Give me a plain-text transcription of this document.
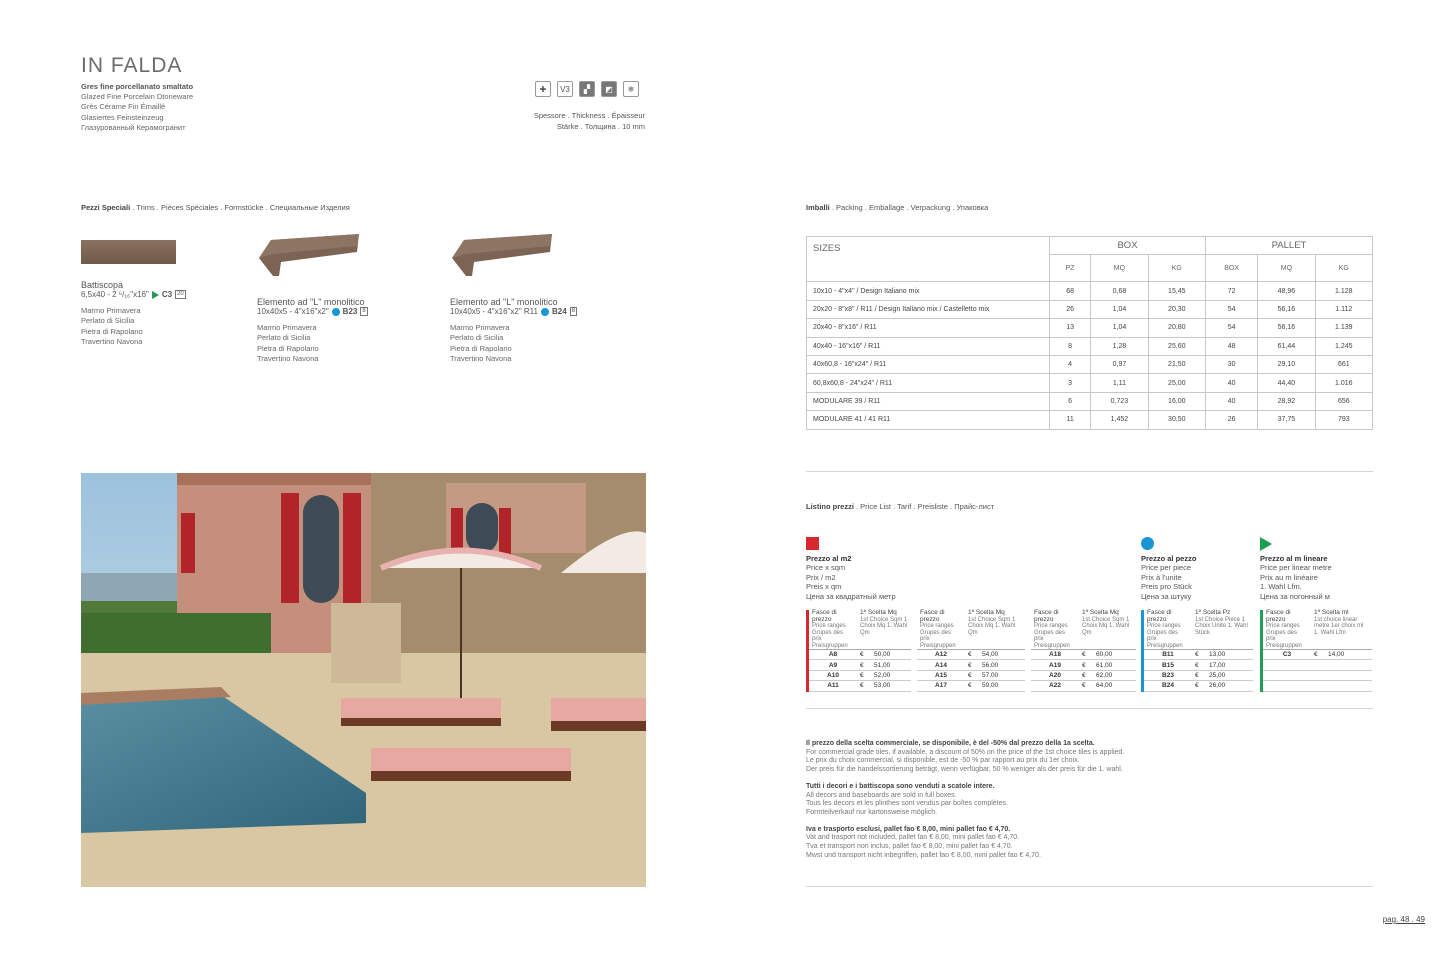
IN FALDA
Gres fine porcellanato smaltato
Glazed Fine Porcelain Dtoneware
Grès Cérame Fin Émaillé
Glasiertes Feinsteinzeug
Глазурованный Керамогранит
✚	V3	▞	◩	❄
Spessore . Thickness . Épaisseur
Stärke . Толщина . 10 mm
Pezzi Speciali . Trims . Pièces Spéciales . Formstücke . Специальные Изделия
Battiscopa
6,5x40 - 2 ⁵/₁₆"x16" C3 20
Marmo Primavera
Perlato di Sicilia
Pietra di Rapolano
Travertino Navona
Elemento ad "L" monolitico
10x40x5 - 4"x16"x2" B23 8
Marmo Primavera
Perlato di Sicilia
Pietra di Rapolano
Travertino Navona
Elemento ad "L" monolitico
10x40x5 - 4"x16"x2" R11 B24 8
Marmo Primavera
Perlato di Sicilia
Pietra di Rapolano
Travertino Navona
Imballi . Packing . Emballage . Verpackung . Упаковка
SIZES	BOX			PALLET		
	PZ	MQ	KG	BOX	MQ	KG
10x10 - 4"x4" / Design Italiano mix	68	0,68	15,45	72	48,96	1.128
20x20 - 8"x8" / R11 / Design Italiano mix / Castelletto mix	26	1,04	20,30	54	56,16	1.112
20x40 - 8"x16" / R11	13	1,04	20,80	54	56,16	1.139
40x40 - 16"x16" / R11	8	1,28	25,60	48	61,44	1.245
40x60,8 - 16"x24" / R11	4	0,97	21,50	30	29,10	661
60,8x60,8 - 24"x24" / R11	3	1,11	25,00	40	44,40	1.016
MODULARE 39 / R11	6	0,723	16,00	40	28,92	656
MODULARE 41 / 41 R11	11	1,452	30,50	26	37,75	793
Listino prezzi . Price List . Tarif . Preisliste . Прайс-лист
Prezzo al m2
Price x sqm
Prix / m2
Preis x qm
Цена за квадратный метр
Prezzo al pezzo
Price per piece
Prix à l'unite
Preis pro Stück
Цена за штуку
Prezzo al m lineare
Price per linear metre
Prix au m linéaire
1. Wahl Lfm.
Цена за погонный м
Fasce di prezzo
Price ranges Grupes des prix Preisgruppen	1ª Scelta Mq
1st Choice Sqm 1 Choix Mq 1. Wahl Qm	
A8	€	50,00
A9	€	51,00
A10	€	52,00
A11	€	53,00
Fasce di prezzo
Price ranges Grupes des prix Preisgruppen	1ª Scelta Mq
1st Choice Sqm 1 Choix Mq 1. Wahl Qm	
A12	€	54,00
A14	€	56,00
A15	€	57,00
A17	€	59,00
Fasce di prezzo
Price ranges Grupes des prix Preisgruppen	1ª Scelta Mq
1st Choice Sqm 1 Choix Mq 1. Wahl Qm	
A18	€	60,00
A19	€	61,00
A20	€	62,00
A22	€	64,00
Fasce di prezzo
Price ranges Grupes des prix Preisgruppen	1ª Scelta Pz
1st Choice Piece 1 Choix Unite 1. Wahl Stück	
B11	€	13,00
B15	€	17,00
B23	€	25,00
B24	€	26,00
Fasce di prezzo
Price ranges Grupes des prix Preisgruppen	1ª Scelta ml
1st choice linear metre 1er choix ml 1. Wahl Lfm	
C3	€	14,00

Il prezzo della scelta commerciale, se disponibile, è del -50% dal prezzo della 1a scelta.
For commercial grade tiles, if available, a discount of 50% on the price of the 1st choice tiles is applied.
Le prix du choix commercial, si disponible, est de -50 % par rapport au prix du 1er choix.
Der preis für die handelssortierung beträgt, wenn verfügbar, 50 % weniger als der preis für die 1. wahl.

Tutti i decori e i battiscopa sono venduti a scatole intere.
All decors and baseboards are sold in full boxes.
Tous les decors et les plinthes sont vendus par boîtes complètes.
Formteilverkauf nur kartonsweise möglich.

Iva e trasporto esclusi, pallet fao € 8,00, mini pallet fao € 4,70.
Vat and trasport not included, pallet fao € 8,00, mini pallet fao € 4,70.
Tva et transport non inclus, pallet fao € 8,00, mini pallet fao € 4,70.
Mwst und transport nicht inbegriffen, pallet fao € 8,00, mini pallet fao € 4,70.

pag. 48 . 49
